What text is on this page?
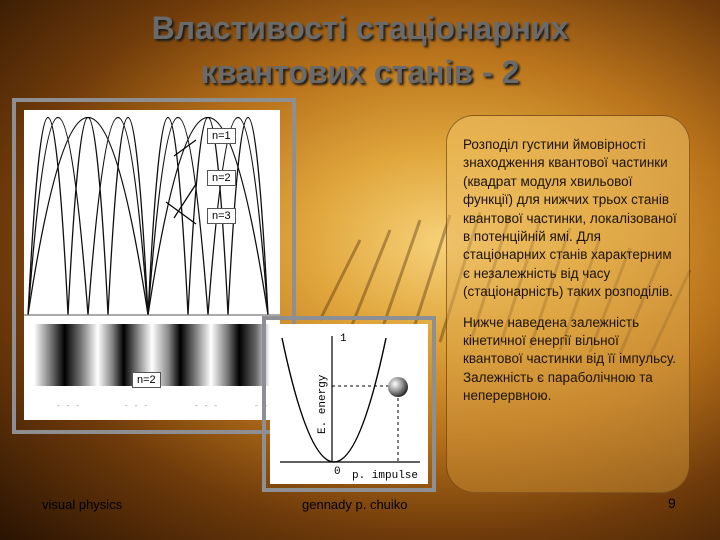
Властивості стаціонарних
квантових станів - 2
n=1
n=2
n=3
- - -	- - -	- - -	- -
n=2
1
0 p. impulse
E. energy

Розподіл густини ймовірності знаходження квантової частинки (квадрат модуля хвильової функції) для нижчих трьох станів квантової частинки, локалізованої в потенційній ямі. Для стаціонарних станів характерним є незалежність від часу (стаціонарність) таких розподілів.

Нижче наведена залежність кінетичної енергії вільної квантової частинки від її імпульсу. Залежність є параболічною та неперервною.

visual physics	gennady p. chuiko	9
